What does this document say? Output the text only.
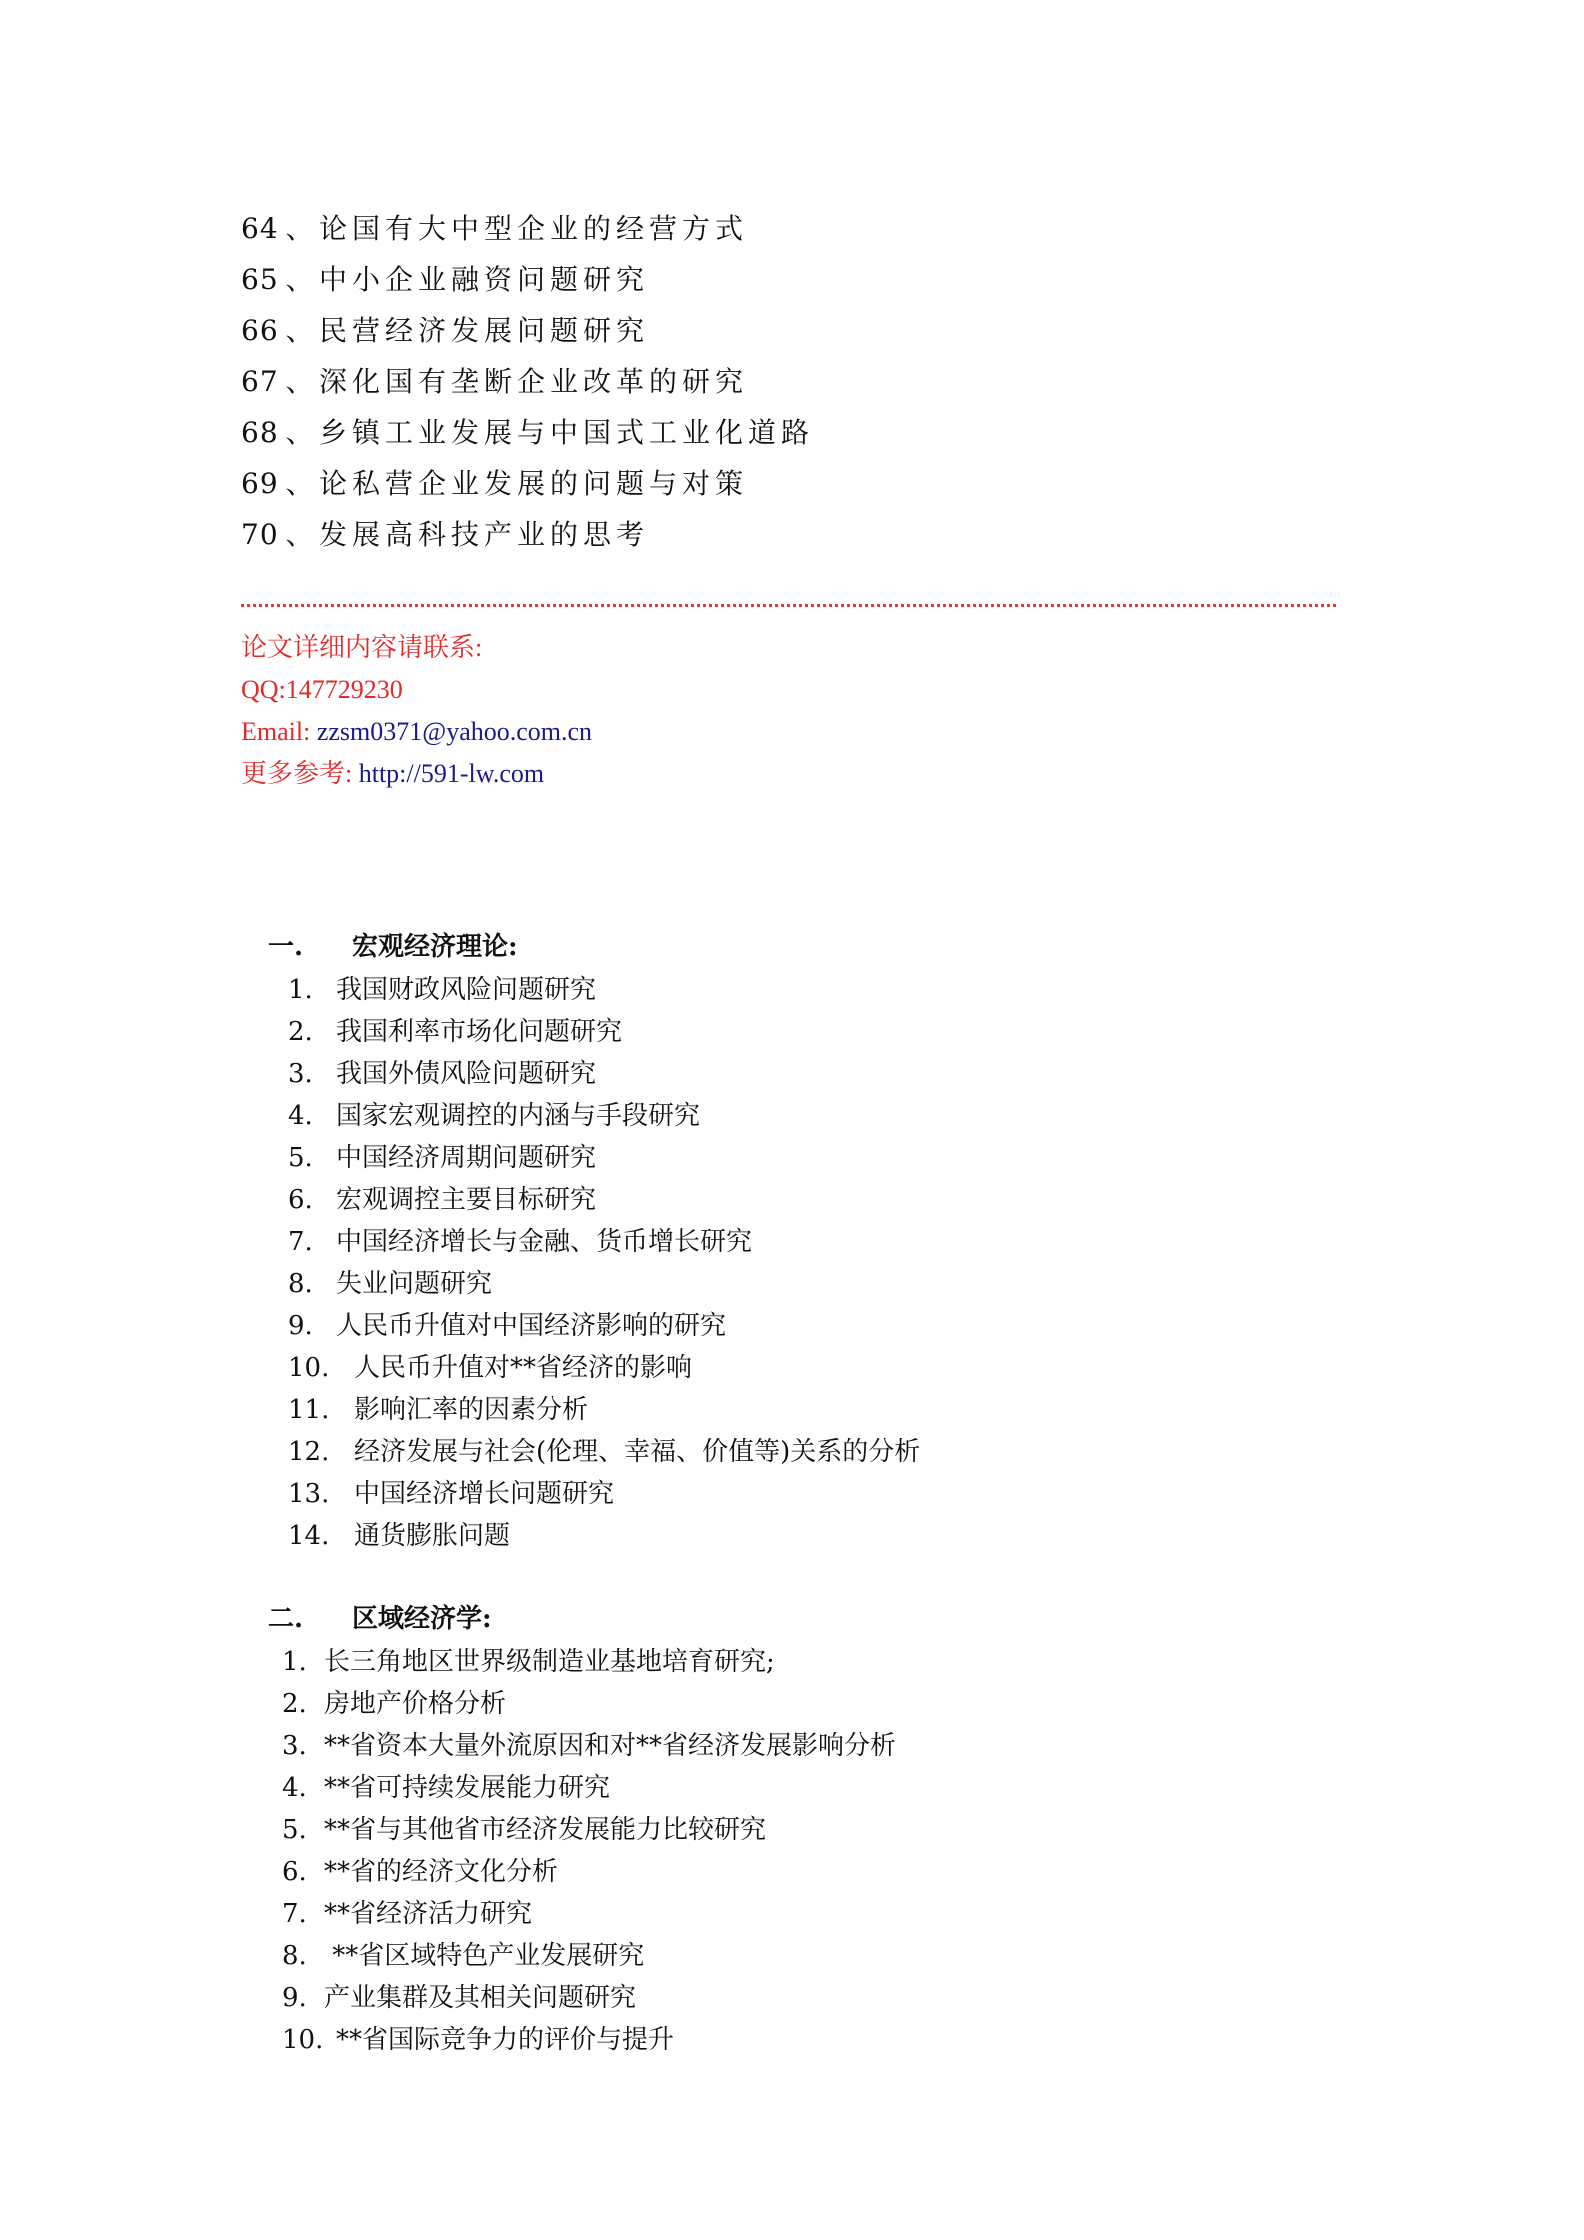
64 、论国有大中型企业的经营方式
65 、中小企业融资问题研究
66 、民营经济发展问题研究
67 、深化国有垄断企业改革的研究
68 、乡镇工业发展与中国式工业化道路
69 、论私营企业发展的问题与对策
70 、发展高科技产业的思考
论文详细内容请联系:
QQ:147729230
Email: zzsm0371@yahoo.com.cn
更多参考: http://591-lw.com
一. 宏观经济理论:
1. 我国财政风险问题研究
2. 我国利率市场化问题研究
3. 我国外债风险问题研究
4. 国家宏观调控的内涵与手段研究
5. 中国经济周期问题研究
6. 宏观调控主要目标研究
7. 中国经济增长与金融、货币增长研究
8. 失业问题研究
9. 人民币升值对中国经济影响的研究
10. 人民币升值对**省经济的影响
11. 影响汇率的因素分析
12. 经济发展与社会(伦理、幸福、价值等)关系的分析
13. 中国经济增长问题研究
14. 通货膨胀问题
二. 区域经济学:
1. 长三角地区世界级制造业基地培育研究;
2. 房地产价格分析
3. **省资本大量外流原因和对**省经济发展影响分析
4. **省可持续发展能力研究
5. **省与其他省市经济发展能力比较研究
6. **省的经济文化分析
7. **省经济活力研究
8. **省区域特色产业发展研究
9. 产业集群及其相关问题研究
10. **省国际竞争力的评价与提升
